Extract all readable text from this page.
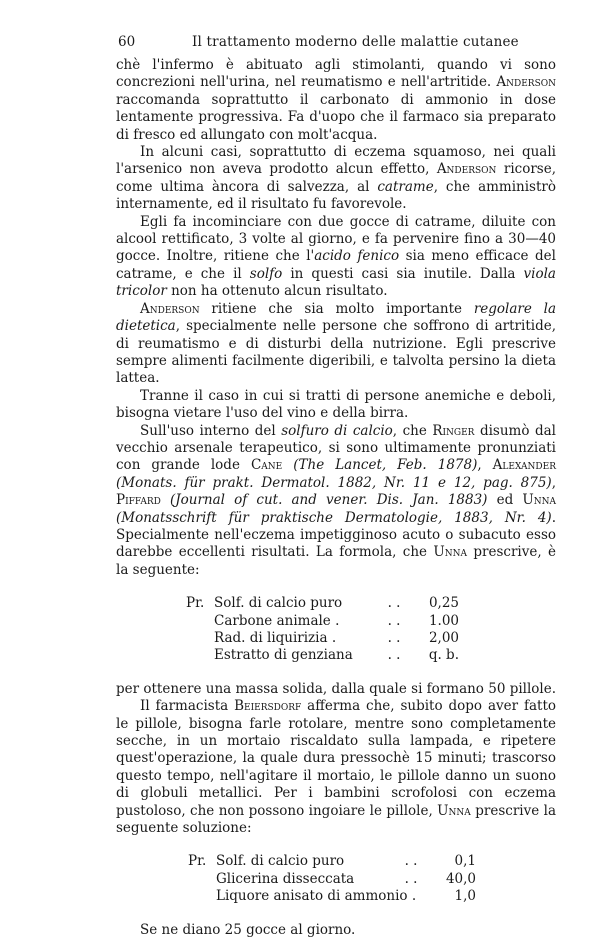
60	Il trattamento moderno delle malattie cutanee

chè l'infermo è abituato agli stimolanti, quando vi sono concrezioni nell'urina, nel reumatismo e nell'artritide. Anderson raccomanda soprattutto il carbonato di ammonio in dose lentamente progressiva. Fa d'uopo che il farmaco sia preparato di fresco ed allungato con molt'acqua.

In alcuni casi, soprattutto di eczema squamoso, nei quali l'arsenico non aveva prodotto alcun effetto, Anderson ricorse, come ultima àncora di salvezza, al catrame, che amministrò internamente, ed il risultato fu favorevole.

Egli fa incominciare con due gocce di catrame, diluite con alcool rettificato, 3 volte al giorno, e fa pervenire fino a 30—40 gocce. Inoltre, ritiene che l'acido fenico sia meno efficace del catrame, e che il solfo in questi casi sia inutile. Dalla viola tricolor non ha ottenuto alcun risultato.

Anderson ritiene che sia molto importante regolare la dietetica, specialmente nelle persone che soffrono di artritide, di reumatismo e di disturbi della nutrizione. Egli prescrive sempre alimenti facilmente digeribili, e talvolta persino la dieta lattea.

Tranne il caso in cui si tratti di persone anemiche e deboli, bisogna vietare l'uso del vino e della birra.

Sull'uso interno del solfuro di calcio, che Ringer disumò dal vecchio arsenale terapeutico, si sono ultimamente pronunziati con grande lode Cane (The Lancet, Feb. 1878), Alexander (Monats. für prakt. Dermatol. 1882, Nr. 11 e 12, pag. 875), Piffard (Journal of cut. and vener. Dis. Jan. 1883) ed Unna (Monatsschrift für praktische Dermatologie, 1883, Nr. 4). Specialmente nell'eczema impetigginoso acuto o subacuto esso darebbe eccellenti risultati. La formola, che Unna prescrive, è la seguente:

Pr. Solf. di calcio puro	. .	0,25
Carbone animale .	. .	1.00
Rad. di liquirizia .	. .	2,00
Estratto di genziana	. .	q. b.

per ottenere una massa solida, dalla quale si formano 50 pillole.

Il farmacista Beiersdorf afferma che, subito dopo aver fatto le pillole, bisogna farle rotolare, mentre sono completamente secche, in un mortaio riscaldato sulla lampada, e ripetere quest'operazione, la quale dura pressochè 15 minuti; trascorso questo tempo, nell'agitare il mortaio, le pillole danno un suono di globuli metallici. Per i bambini scrofolosi con eczema pustoloso, che non possono ingoiare le pillole, Unna prescrive la seguente soluzione:

Pr. Solf. di calcio puro	. .	0,1
Glicerina disseccata	. .	40,0
Liquore anisato di ammonio .	1,0

Se ne diano 25 gocce al giorno.
